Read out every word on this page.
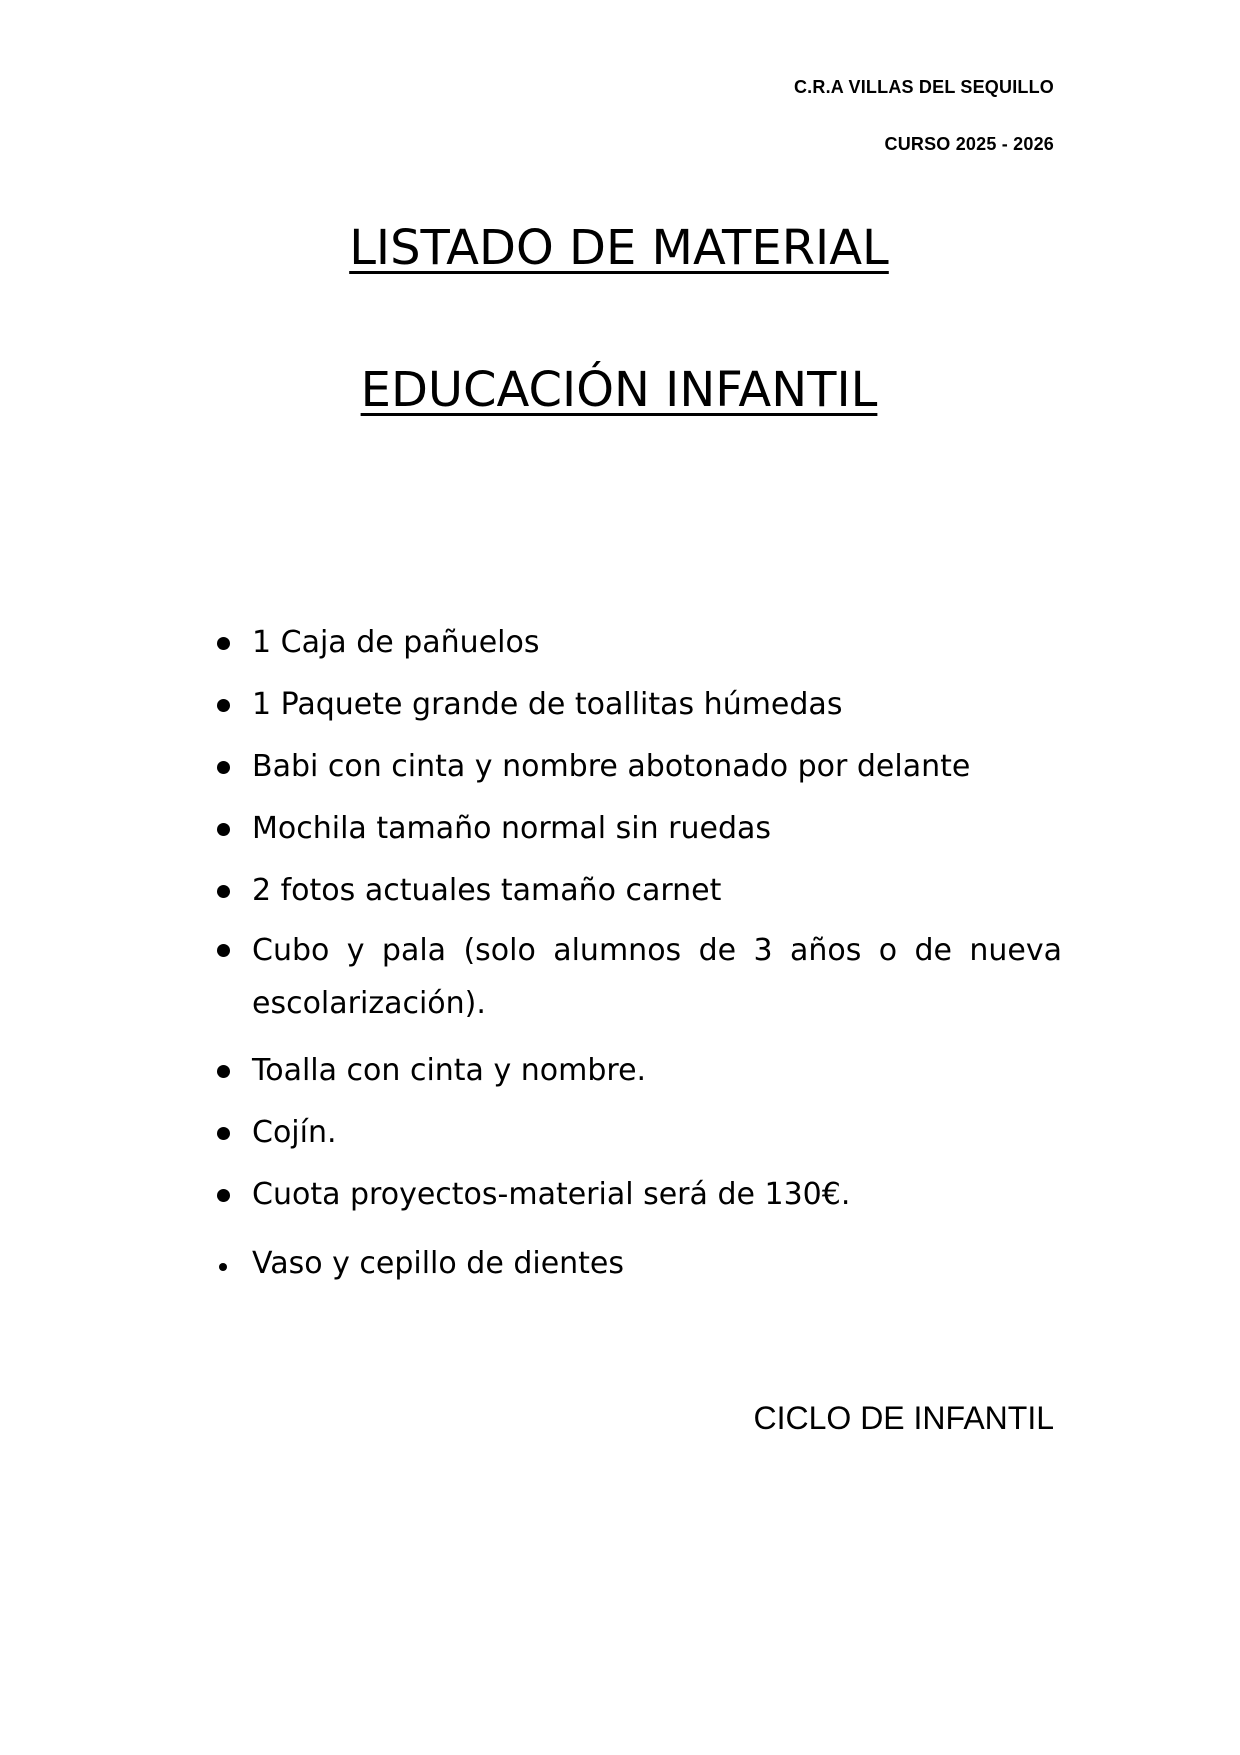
C.R.A VILLAS DEL SEQUILLO
CURSO 2025 - 2026
LISTADO DE MATERIAL
EDUCACIÓN INFANTIL
1 Caja de pañuelos
1 Paquete grande de toallitas húmedas
Babi con cinta y nombre abotonado por delante
Mochila tamaño normal sin ruedas
2 fotos actuales tamaño carnet
Cubo y pala (solo alumnos de 3 años o de nueva escolarización).
Toalla con cinta y nombre.
Cojín.
Cuota proyectos-material será de 130€.
Vaso y cepillo de dientes
CICLO DE INFANTIL
